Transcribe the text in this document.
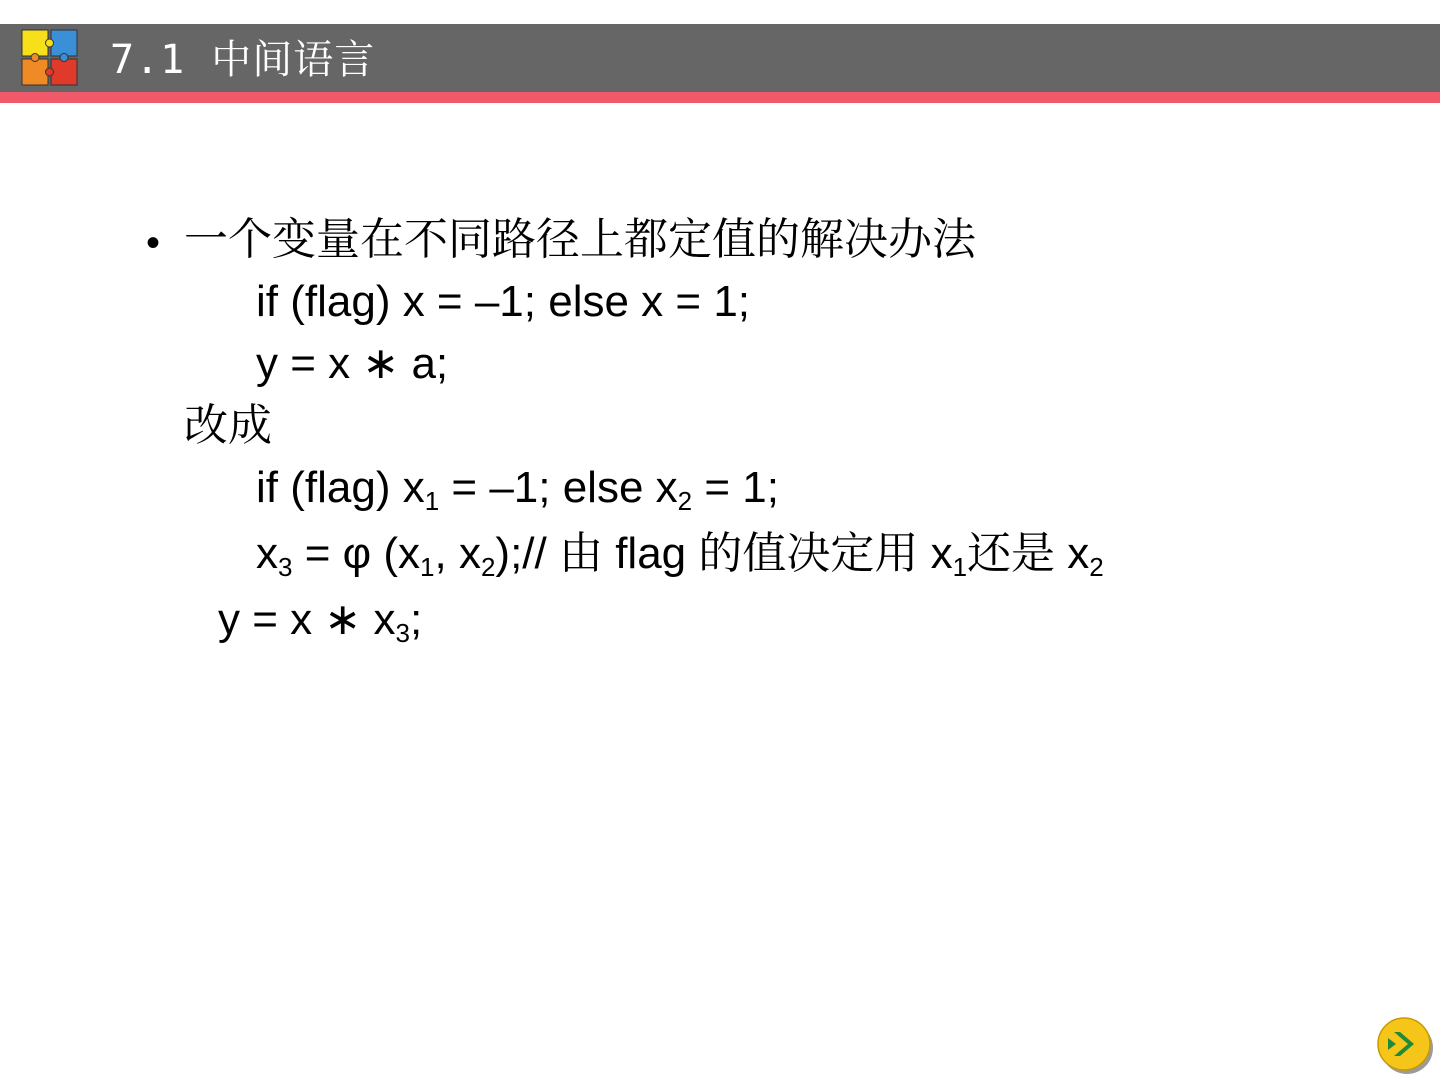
7.1 中间语言
• 一个变量在不同路径上都定值的解决办法
if (flag) x = –1; else x = 1;
y = x ∗ a;
改成
if (flag) $x_1 = -1$; else $x_2 = 1$;
$x_3 = \varphi$ ($x_1$, $x_2);//$ 由 flag 的值决定用 $x_1$还是 $x_2$
y = x ∗ $x_3$;
